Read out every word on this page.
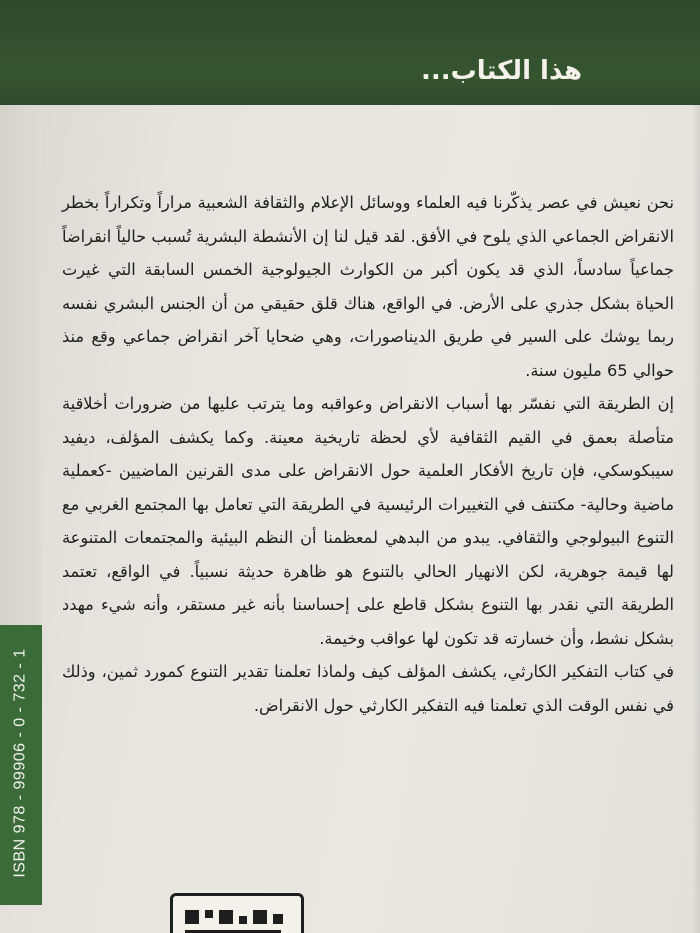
هذا الكتاب...
ISBN 978 - 99906 - 0 - 732 - 1

نحن نعيش في عصر يذكّرنا فيه العلماء ووسائل الإعلام والثقافة الشعبية مراراً وتكراراً بخطر الانقراض الجماعي الذي يلوح في الأفق. لقد قيل لنا إن الأنشطة البشرية تُسبب حالياً انقراضاً جماعياً سادساً، الذي قد يكون أكبر من الكوارث الجيولوجية الخمس السابقة التي غيرت الحياة بشكل جذري على الأرض. في الواقع، هناك قلق حقيقي من أن الجنس البشري نفسه ربما يوشك على السير في طريق الديناصورات، وهي ضحايا آخر انقراض جماعي وقع منذ حوالي 65 مليون سنة.

إن الطريقة التي نفسّر بها أسباب الانقراض وعواقبه وما يترتب عليها من ضرورات أخلاقية متأصلة بعمق في القيم الثقافية لأي لحظة تاريخية معينة. وكما يكشف المؤلف، ديفيد سيبكوسكي، فإن تاريخ الأفكار العلمية حول الانقراض على مدى القرنين الماضيين -كعملية ماضية وحالية- مكتنف في التغييرات الرئيسية في الطريقة التي تعامل بها المجتمع الغربي مع التنوع البيولوجي والثقافي. يبدو من البدهي لمعظمنا أن النظم البيئية والمجتمعات المتنوعة لها قيمة جوهرية، لكن الانهيار الحالي بالتنوع هو ظاهرة حديثة نسبياً. في الواقع، تعتمد الطريقة التي نقدر بها التنوع بشكل قاطع على إحساسنا بأنه غير مستقر، وأنه شيء مهدد بشكل نشط، وأن خسارته قد تكون لها عواقب وخيمة.

في كتاب التفكير الكارثي، يكشف المؤلف كيف ولماذا تعلمنا تقدير التنوع كمورد ثمين، وذلك في نفس الوقت الذي تعلمنا فيه التفكير الكارثي حول الانقراض.
